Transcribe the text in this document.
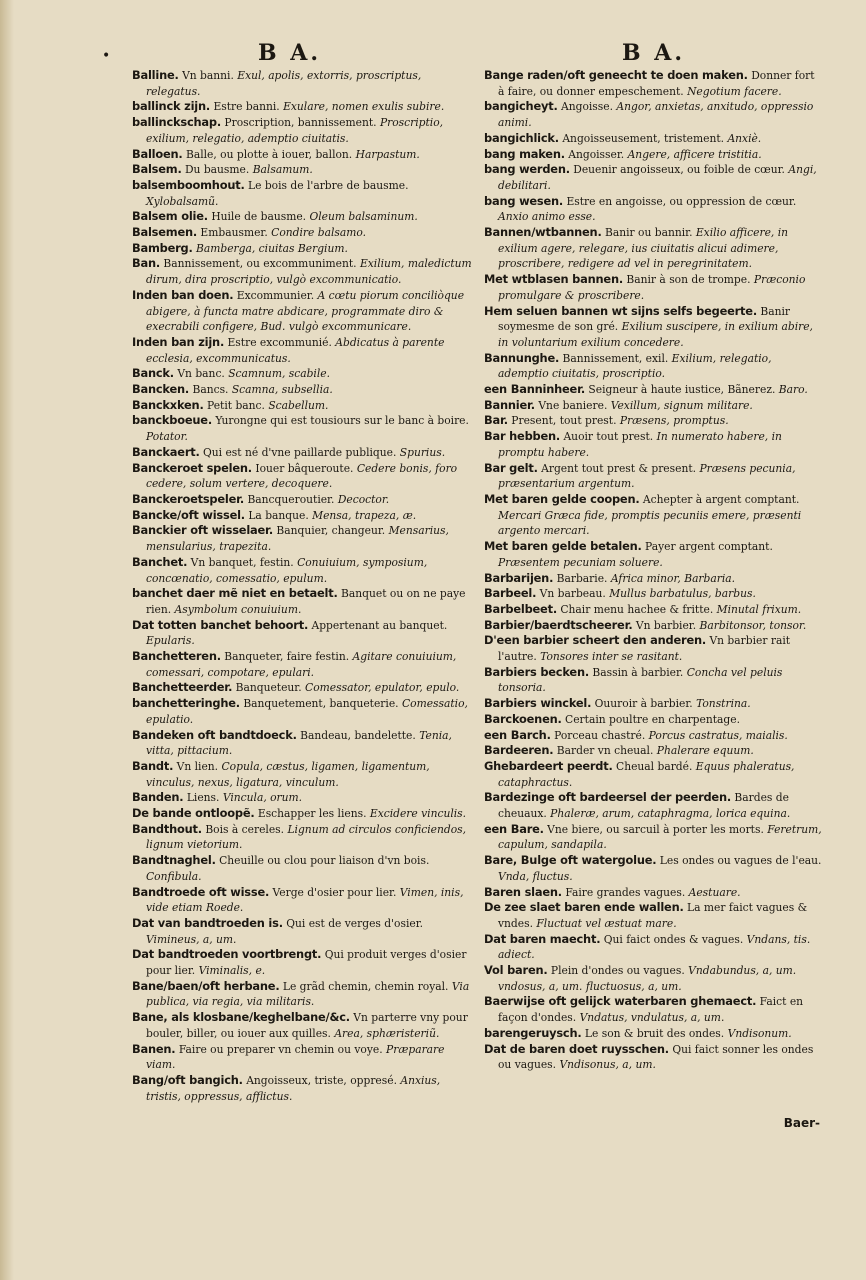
•	B A.	B A.

Balline. Vn banni. Exul, apolis, extorris, proscriptus, relegatus.

ballinck zijn. Estre banni. Exulare, nomen exulis subire.

ballinckschap. Proscription, bannissement. Proscriptio, exilium, relegatio, ademptio ciuitatis.

Balloen. Balle, ou plotte à iouer, ballon. Harpastum.

Balsem. Du bausme. Balsamum.

balsemboomhout. Le bois de l'arbre de bausme. Xylobalsamũ.

Balsem olie. Huile de bausme. Oleum balsaminum.

Balsemen. Embausmer. Condire balsamo.

Bamberg. Bamberga, ciuitas Bergium.

Ban. Bannissement, ou excommuniment. Exilium, maledictum dirum, dira proscriptio, vulgò excommunicatio.

Inden ban doen. Excommunier. A cœtu piorum conciliòque abigere, à functa matre abdicare, programmate diro & execrabili configere, Bud. vulgò excommunicare.

Inden ban zijn. Estre excommunié. Abdicatus à parente ecclesia, excommunicatus.

Banck. Vn banc. Scamnum, scabile.

Bancken. Bancs. Scamna, subsellia.

Banckxken. Petit banc. Scabellum.

banckboeue. Yurongne qui est tousiours sur le banc à boire. Potator.

Banckaert. Qui est né d'vne paillarde publique. Spurius.

Banckeroet spelen. Iouer bâqueroute. Cedere bonis, foro cedere, solum vertere, decoquere.

Banckeroetspeler. Bancqueroutier. Decoctor.

Bancke/oft wissel. La banque. Mensa, trapeza, æ.

Banckier oft wisselaer. Banquier, changeur. Mensarius, mensularius, trapezita.

Banchet. Vn banquet, festin. Conuiuium, symposium, concœnatio, comessatio, epulum.

banchet daer mẽ niet en betaelt. Banquet ou on ne paye rien. Asymbolum conuiuium.

Dat totten banchet behoort. Appertenant au banquet. Epularis.

Banchetteren. Banqueter, faire festin. Agitare conuiuium, comessari, compotare, epulari.

Banchetteerder. Banqueteur. Comessator, epulator, epulo.

banchetteringhe. Banquetement, banqueterie. Comessatio, epulatio.

Bandeken oft bandtdoeck. Bandeau, bandelette. Tenia, vitta, pittacium.

Bandt. Vn lien. Copula, cæstus, ligamen, ligamentum, vinculus, nexus, ligatura, vinculum.

Banden. Liens. Vincula, orum.

De bande ontloopẽ. Eschapper les liens. Excidere vinculis.

Bandthout. Bois à cereles. Lignum ad circulos conficiendos, lignum vietorium.

Bandtnaghel. Cheuille ou clou pour liaison d'vn bois. Confibula.

Bandtroede oft wisse. Verge d'osier pour lier. Vimen, inis, vide etiam Roede.

Dat van bandtroeden is. Qui est de verges d'osier. Vimineus, a, um.

Dat bandtroeden voortbrengt. Qui produit verges d'osier pour lier. Viminalis, e.

Bane/baen/oft herbane. Le grãd chemin, chemin royal. Via publica, via regia, via militaris.

Bane, als klosbane/keghelbane/&c. Vn parterre vny pour bouler, biller, ou iouer aux quilles. Area, sphæristeriũ.

Banen. Faire ou preparer vn chemin ou voye. Præparare viam.

Bang/oft bangich. Angoisseux, triste, oppresé. Anxius, tristis, oppressus, afflictus.

Bange raden/oft geneecht te doen maken. Donner fort à faire, ou donner empeschement. Negotium facere.

bangicheyt. Angoisse. Angor, anxietas, anxitudo, oppressio animi.

bangichlick. Angoisseusement, tristement. Anxiè.

bang maken. Angoisser. Angere, afficere tristitia.

bang werden. Deuenir angoisseux, ou foible de cœur. Angi, debilitari.

bang wesen. Estre en angoisse, ou oppression de cœur. Anxio animo esse.

Bannen/wtbannen. Banir ou bannir. Exilio afficere, in exilium agere, relegare, ius ciuitatis alicui adimere, proscribere, redigere ad vel in peregrinitatem.

Met wtblasen bannen. Banir à son de trompe. Præconio promulgare & proscribere.

Hem seluen bannen wt sijns selfs begeerte. Banir soymesme de son gré. Exilium suscipere, in exilium abire, in voluntarium exilium concedere.

Bannunghe. Bannissement, exil. Exilium, relegatio, ademptio ciuitatis, proscriptio.

een Banninheer. Seigneur à haute iustice, Bãnerez. Baro.

Bannier. Vne baniere. Vexillum, signum militare.

Bar. Present, tout prest. Præsens, promptus.

Bar hebben. Auoir tout prest. In numerato habere, in promptu habere.

Bar gelt. Argent tout prest & present. Præsens pecunia, præsentarium argentum.

Met baren gelde coopen. Achepter à argent comptant. Mercari Græca fide, promptis pecuniis emere, præsenti argento mercari.

Met baren gelde betalen. Payer argent comptant. Præsentem pecuniam soluere.

Barbarijen. Barbarie. Africa minor, Barbaria.

Barbeel. Vn barbeau. Mullus barbatulus, barbus.

Barbelbeet. Chair menu hachee & fritte. Minutal frixum.

Barbier/baerdtscheerer. Vn barbier. Barbitonsor, tonsor.

D'een barbier scheert den anderen. Vn barbier rait l'autre. Tonsores inter se rasitant.

Barbiers becken. Bassin à barbier. Concha vel peluis tonsoria.

Barbiers winckel. Ouuroir à barbier. Tonstrina.

Barckoenen. Certain poultre en charpentage.

een Barch. Porceau chastré. Porcus castratus, maialis.

Bardeeren. Barder vn cheual. Phalerare equum.

Ghebardeert peerdt. Cheual bardé. Equus phaleratus, cataphractus.

Bardezinge oft bardeersel der peerden. Bardes de cheuaux. Phaleræ, arum, cataphragma, lorica equina.

een Bare. Vne biere, ou sarcuil à porter les morts. Feretrum, capulum, sandapila.

Bare, Bulge oft watergolue. Les ondes ou vagues de l'eau. Vnda, fluctus.

Baren slaen. Faire grandes vagues. Aestuare.

De zee slaet baren ende wallen. La mer faict vagues & vndes. Fluctuat vel æstuat mare.

Dat baren maecht. Qui faict ondes & vagues. Vndans, tis. adiect.

Vol baren. Plein d'ondes ou vagues. Vndabundus, a, um. vndosus, a, um. fluctuosus, a, um.

Baerwijse oft gelijck waterbaren ghemaect. Faict en façon d'ondes. Vndatus, vndulatus, a, um.

barengeruysch. Le son & bruit des ondes. Vndisonum.

Dat de baren doet ruysschen. Qui faict sonner les ondes ou vagues. Vndisonus, a, um.

Baer-
